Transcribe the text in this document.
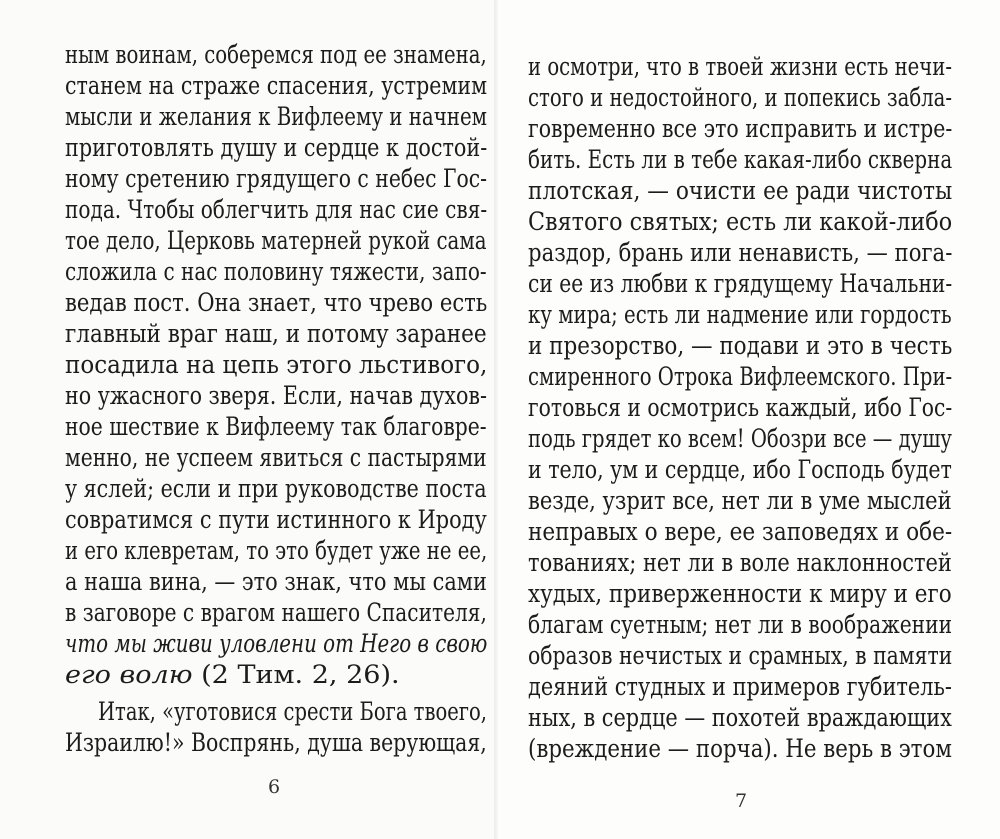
ным воинам, соберемся под ее знамена,
станем на страже спасения, устремим
мысли и желания к Вифлеему и начнем
приготовлять душу и сердце к достой-
ному сретению грядущего с небес Гос-
пода. Чтобы облегчить для нас сие свя-
тое дело, Церковь матерней рукой сама
сложила с нас половину тяжести, запо-
ведав пост. Она знает, что чрево есть
главный враг наш, и потому заранее
посадила на цепь этого льстивого,
но ужасного зверя. Если, начав духов-
ное шествие к Вифлеему так благовре-
менно, не успеем явиться с пастырями
у яслей; если и при руководстве поста
совратимся с пути истинного к Ироду
и его клевретам, то это будет уже не ее,
а наша вина, — это знак, что мы сами
в заговоре с врагом нашего Спасителя,
что мы живи уловлени от Него в свою
его волю (2 Тим. 2, 26).
Итак, «уготовися срести Бога твоего,
Израилю!» Воспрянь, душа верующая,
6
и осмотри, что в твоей жизни есть нечи-
стого и недостойного, и попекись забла-
говременно все это исправить и истре-
бить. Есть ли в тебе какая-либо скверна
плотская, — очисти ее ради чистоты
Святого святых; есть ли какой-либо
раздор, брань или ненависть, — пога-
си ее из любви к грядущему Начальни-
ку мира; есть ли надмение или гордость
и презорство, — подави и это в честь
смиренного Отрока Вифлеемского. При-
готовься и осмотрись каждый, ибо Гос-
подь грядет ко всем! Обозри все — душу
и тело, ум и сердце, ибо Господь будет
везде, узрит все, нет ли в уме мыслей
неправых о вере, ее заповедях и обе-
тованиях; нет ли в воле наклонностей
худых, приверженности к миру и его
благам суетным; нет ли в воображении
образов нечистых и срамных, в памяти
деяний студных и примеров губитель-
ных, в сердце — похотей враждающих
(вреждение — порча). Не верь в этом
7
